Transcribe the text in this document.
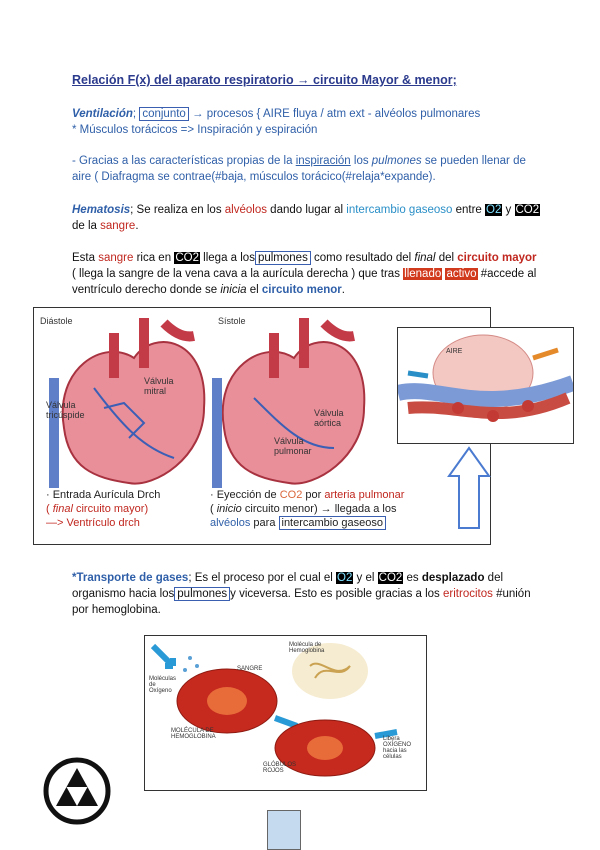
Relación F(x) del aparato respiratorio → circuito Mayor & menor;
Ventilación; conjunto → procesos { AIRE fluya / atm ext - alvéolos pulmonares
* Músculos torácicos => Inspiración y espiración
- Gracias a las características propias de la inspiración los pulmones se pueden llenar de aire ( Diafragma se contrae(#baja, músculos torácico(#relaja*expande).
Hematosis; Se realiza en los alvéolos dando lugar al intercambio gaseoso entre O2 y CO2 de la sangre.
Esta sangre rica en CO2 llega a los pulmones como resultado del final del circuito mayor ( llega la sangre de la vena cava a la aurícula derecha ) que tras llenado activo #accede al ventrículo derecho donde se inicia el circuito menor.
Diástole	Sístole
Válvula mitral
Válvula tricúspide	Válvula aórtica
Válvula pulmonar
· Entrada Aurícula Drch
( final circuito mayor)
—> Ventrículo drch
· Eyección de CO2 por arteria pulmonar
( inicio circuito menor) → llegada a los
alvéolos para intercambio gaseoso
AIRE
*Transporte de gases; Es el proceso por el cual el O2 y el CO2 es desplazado del organismo hacia los pulmones y viceversa. Esto es posible gracias a los eritrocitos #unión por hemoglobina.
Moléculas de Oxígeno
SANGRE
Molécula de Hemoglobina
MOLÉCULA DE HEMOGLOBINA
GLÓBULOS ROJOS
Libera OXÍGENO hacia las células
